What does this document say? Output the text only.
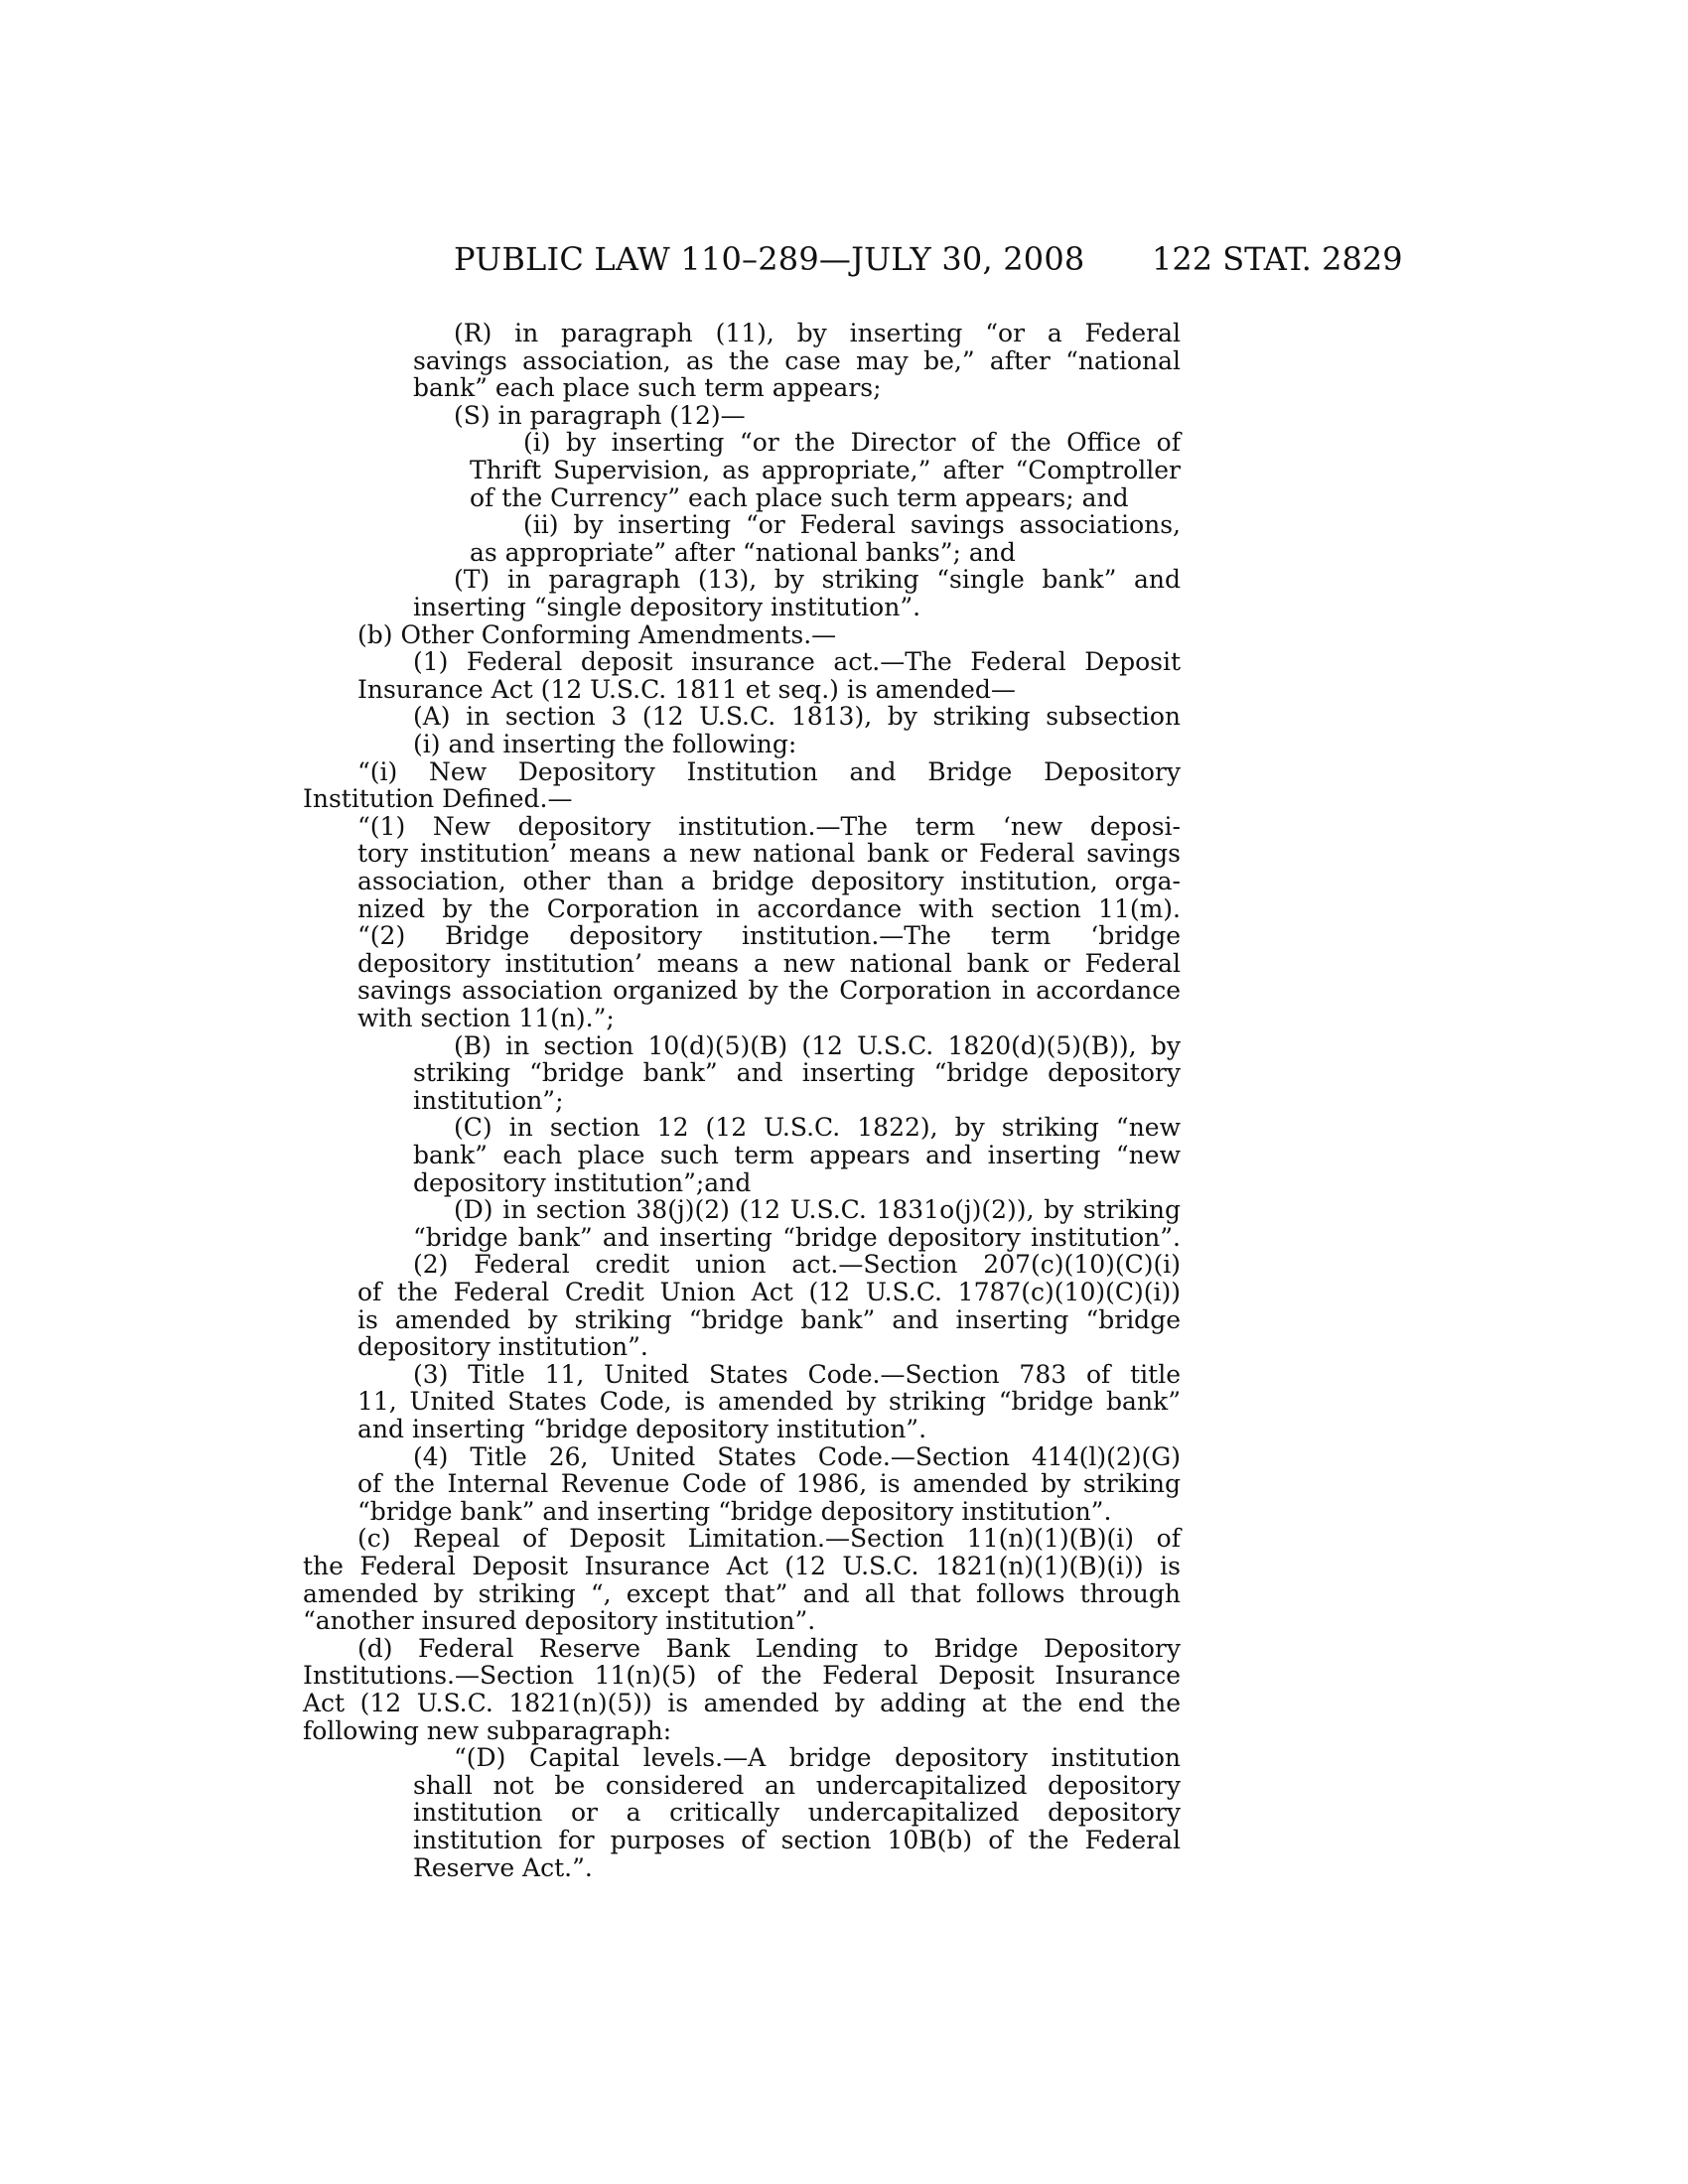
PUBLIC LAW 110–289—JULY 30, 2008 122 STAT. 2829
(R) in paragraph (11), by inserting “or a Federal
savings association, as the case may be,” after “national
bank” each place such term appears;
(S) in paragraph (12)—
(i) by inserting “or the Director of the Office of
Thrift Supervision, as appropriate,” after “Comptroller
of the Currency” each place such term appears; and
(ii) by inserting “or Federal savings associations,
as appropriate” after “national banks”; and
(T) in paragraph (13), by striking “single bank” and
inserting “single depository institution”.
(b) Other Conforming Amendments.—
(1) Federal deposit insurance act.—The Federal Deposit
Insurance Act (12 U.S.C. 1811 et seq.) is amended—
(A) in section 3 (12 U.S.C. 1813), by striking subsection
(i) and inserting the following:
“(i) New Depository Institution and Bridge Depository
Institution Defined.—
“(1) New depository institution.—The term ‘new deposi-
tory institution’ means a new national bank or Federal savings
association, other than a bridge depository institution, orga-
nized by the Corporation in accordance with section 11(m).
“(2) Bridge depository institution.—The term ‘bridge
depository institution’ means a new national bank or Federal
savings association organized by the Corporation in accordance
with section 11(n).”;
(B) in section 10(d)(5)(B) (12 U.S.C. 1820(d)(5)(B)), by
striking “bridge bank” and inserting “bridge depository
institution”;
(C) in section 12 (12 U.S.C. 1822), by striking “new
bank” each place such term appears and inserting “new
depository institution”;and
(D) in section 38(j)(2) (12 U.S.C. 1831o(j)(2)), by striking
“bridge bank” and inserting “bridge depository institution”.
(2) Federal credit union act.—Section 207(c)(10)(C)(i)
of the Federal Credit Union Act (12 U.S.C. 1787(c)(10)(C)(i))
is amended by striking “bridge bank” and inserting “bridge
depository institution”.
(3) Title 11, United States Code.—Section 783 of title
11, United States Code, is amended by striking “bridge bank”
and inserting “bridge depository institution”.
(4) Title 26, United States Code.—Section 414(l)(2)(G)
of the Internal Revenue Code of 1986, is amended by striking
“bridge bank” and inserting “bridge depository institution”.
(c) Repeal of Deposit Limitation.—Section 11(n)(1)(B)(i) of
the Federal Deposit Insurance Act (12 U.S.C. 1821(n)(1)(B)(i)) is
amended by striking “, except that” and all that follows through
“another insured depository institution”.
(d) Federal Reserve Bank Lending to Bridge Depository
Institutions.—Section 11(n)(5) of the Federal Deposit Insurance
Act (12 U.S.C. 1821(n)(5)) is amended by adding at the end the
following new subparagraph:
“(D) Capital levels.—A bridge depository institution
shall not be considered an undercapitalized depository
institution or a critically undercapitalized depository
institution for purposes of section 10B(b) of the Federal
Reserve Act.”.
